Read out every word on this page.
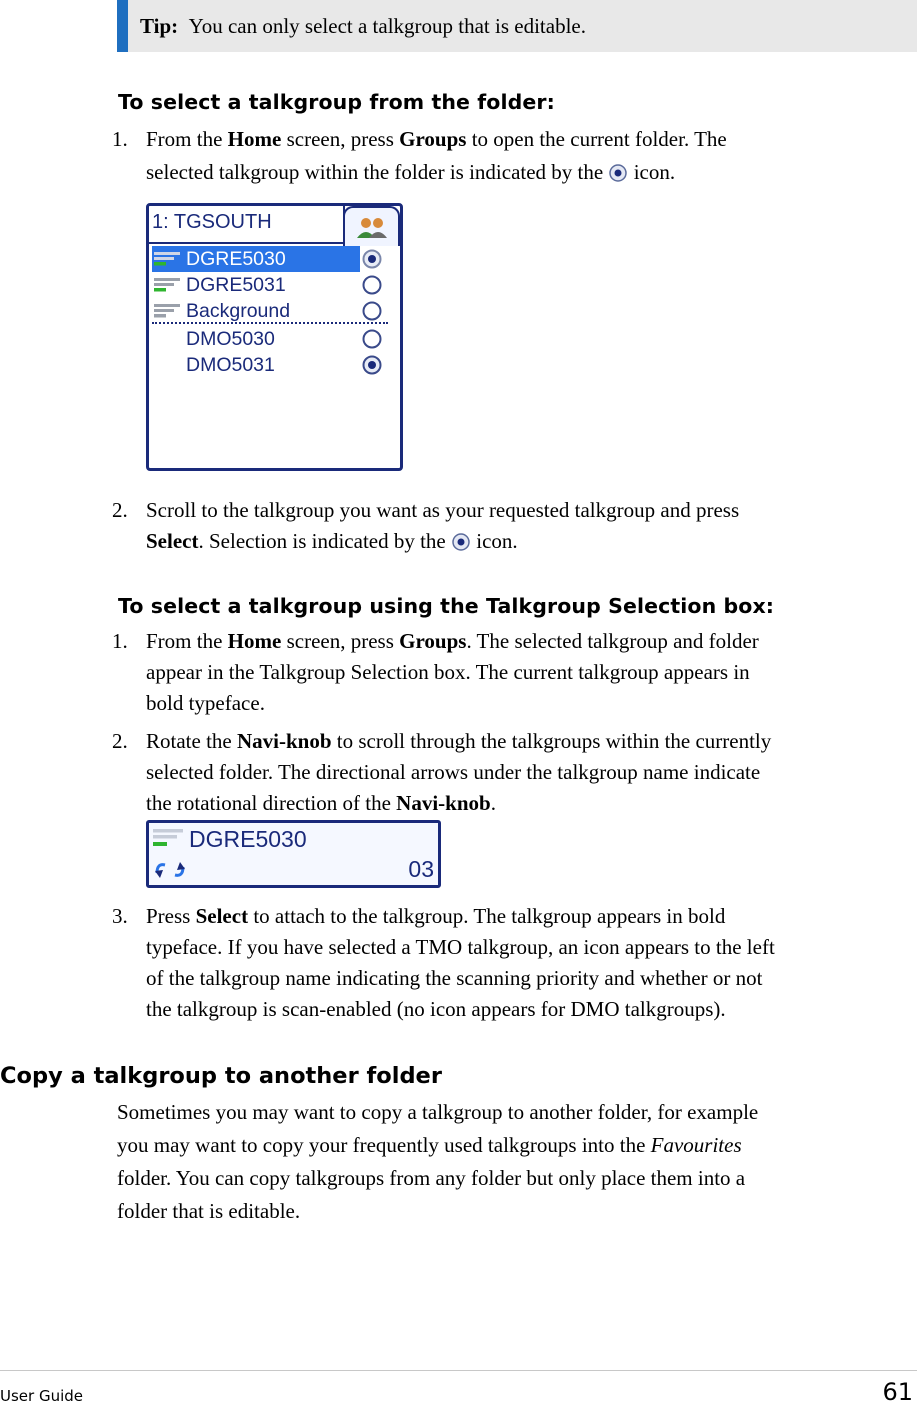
Tip: You can only select a talkgroup that is editable.
To select a talkgroup from the folder:
1. From the Home screen, press Groups to open the current folder. The
selected talkgroup within the folder is indicated by the  icon.
1: TGSOUTH
DGRE5030
DGRE5031
Background
DMO5030
DMO5031
2. Scroll to the talkgroup you want as your requested talkgroup and press
Select. Selection is indicated by the  icon.
To select a talkgroup using the Talkgroup Selection box:
1. From the Home screen, press Groups. The selected talkgroup and folder
appear in the Talkgroup Selection box. The current talkgroup appears in
bold typeface.
2. Rotate the Navi-knob to scroll through the talkgroups within the currently
selected folder. The directional arrows under the talkgroup name indicate
the rotational direction of the Navi-knob.
DGRE5030
03
3. Press Select to attach to the talkgroup. The talkgroup appears in bold
typeface. If you have selected a TMO talkgroup, an icon appears to the left
of the talkgroup name indicating the scanning priority and whether or not
the talkgroup is scan-enabled (no icon appears for DMO talkgroups).
Copy a talkgroup to another folder
Sometimes you may want to copy a talkgroup to another folder, for example
you may want to copy your frequently used talkgroups into the Favourites
folder. You can copy talkgroups from any folder but only place them into a
folder that is editable.
User Guide	61
